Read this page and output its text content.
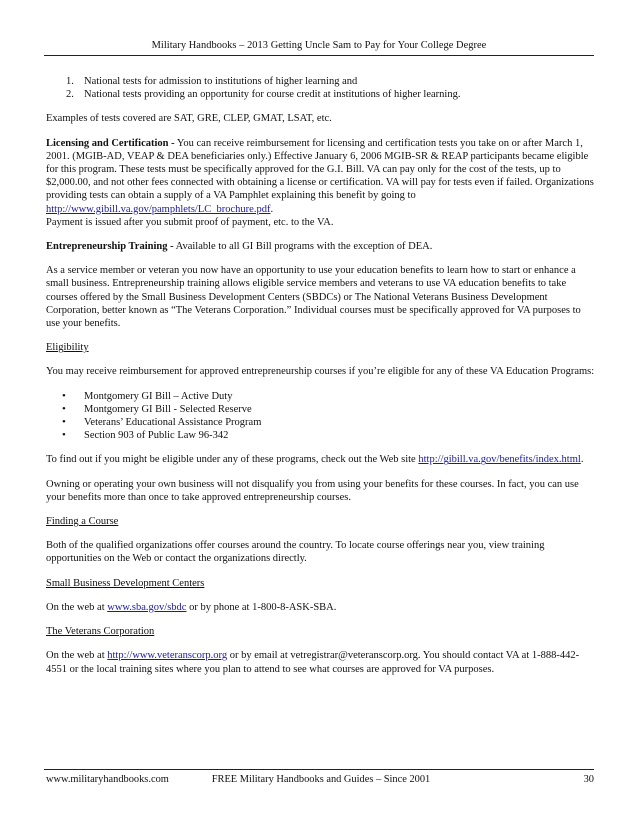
Military Handbooks – 2013 Getting Uncle Sam to Pay for Your College Degree
1. National tests for admission to institutions of higher learning and
2. National tests providing an opportunity for course credit at institutions of higher learning.

Examples of tests covered are SAT, GRE, CLEP, GMAT, LSAT, etc.

Licensing and Certification - You can receive reimbursement for licensing and certification tests you take on or after March 1, 2001. (MGIB-AD, VEAP & DEA beneficiaries only.) Effective January 6, 2006 MGIB-SR & REAP participants became eligible for this program. These tests must be specifically approved for the G.I. Bill. VA can pay only for the cost of the tests, up to $2,000.00, and not other fees connected with obtaining a license or certification. VA will pay for tests even if failed. Organizations providing tests can obtain a supply of a VA Pamphlet explaining this benefit by going to http://www.gibill.va.gov/pamphlets/LC_brochure.pdf.

Payment is issued after you submit proof of payment, etc. to the VA.

Entrepreneurship Training - Available to all GI Bill programs with the exception of DEA.

As a service member or veteran you now have an opportunity to use your education benefits to learn how to start or enhance a small business. Entrepreneurship training allows eligible service members and veterans to use VA education benefits to take courses offered by the Small Business Development Centers (SBDCs) or The National Veterans Business Development Corporation, better known as “The Veterans Corporation.” Individual courses must be specifically approved for VA purposes to use your benefits.

Eligibility

You may receive reimbursement for approved entrepreneurship courses if you’re eligible for any of these VA Education Programs:

• Montgomery GI Bill – Active Duty
• Montgomery GI Bill - Selected Reserve
• Veterans’ Educational Assistance Program
• Section 903 of Public Law 96-342

To find out if you might be eligible under any of these programs, check out the Web site http://gibill.va.gov/benefits/index.html.

Owning or operating your own business will not disqualify you from using your benefits for these courses. In fact, you can use your benefits more than once to take approved entrepreneurship courses.

Finding a Course

Both of the qualified organizations offer courses around the country. To locate course offerings near you, view training opportunities on the Web or contact the organizations directly.

Small Business Development Centers

On the web at www.sba.gov/sbdc or by phone at 1-800-8-ASK-SBA.

The Veterans Corporation

On the web at http://www.veteranscorp.org or by email at vetregistrar@veteranscorp.org. You should contact VA at 1-888-442-4551 or the local training sites where you plan to attend to see what courses are approved for VA purposes.

www.militaryhandbooks.com	FREE Military Handbooks and Guides – Since 2001	30
